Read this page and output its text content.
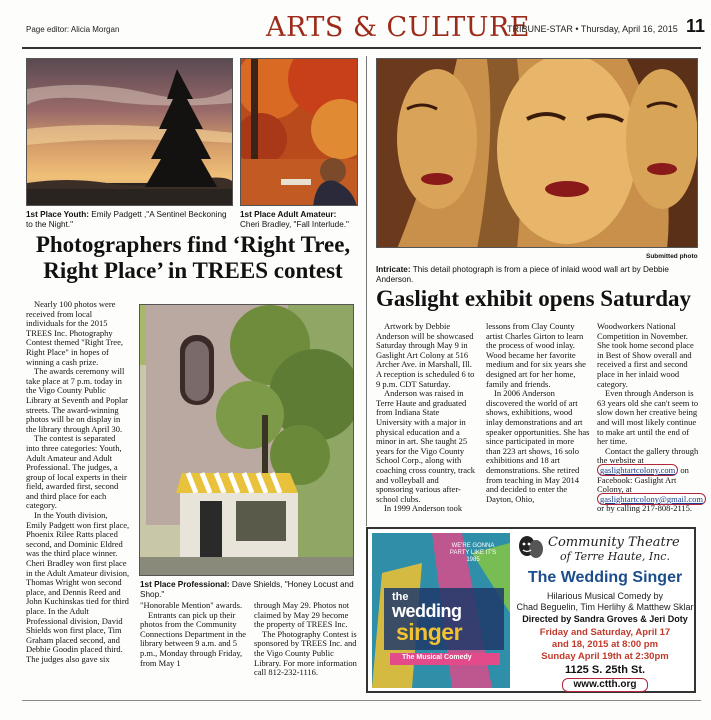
Page editor: Alicia Morgan	ARTS & CULTURE
TRIBUNE-STAR • Thursday, April 16, 2015 11
1st Place Youth: Emily Padgett ,"A Sentinel Beckoning to the Night."
1st Place Adult Amateur: Cheri Bradley, "Fall Interlude."
Photographers find ‘Right Tree, Right Place’ in TREES contest

Nearly 100 photos were received from local individuals for the 2015 TREES Inc. Photography Contest themed "Right Tree, Right Place" in hopes of winning a cash prize.

The awards ceremony will take place at 7 p.m. today in the Vigo County Public Library at Seventh and Poplar streets. The award-winning photos will be on display in the library through April 30.

The contest is separated into three categories: Youth, Adult Amateur and Adult Professional. The judges, a group of local experts in their field, awarded first, second and third place for each category.

In the Youth division, Emily Padgett won first place, Phoenix Rilee Ratts placed second, and Dominic Eldred was the third place winner. Cheri Bradley won first place in the Adult Amateur division, Thomas Wright won second place, and Dennis Reed and John Kuchinskas tied for third place. In the Adult Professional division, David Shields won first place, Tim Graham placed second, and Debbie Goodin placed third. The judges also gave six

1st Place Professional: Dave Shields, "Honey Locust and Shop."

"Honorable Mention" awards.

Entrants can pick up their photos from the Community Connections Department in the library between 9 a.m. and 5 p.m., Monday through Friday, from May 1

through May 29. Photos not claimed by May 29 become the property of TREES Inc.

The Photography Contest is sponsored by TREES Inc. and the Vigo County Public Library. For more information call 812-232-1116.

Submitted photo
Intricate: This detail photograph is from a piece of inlaid wood wall art by Debbie Anderson.
Gaslight exhibit opens Saturday

Artwork by Debbie Anderson will be showcased Saturday through May 9 in Gaslight Art Colony at 516 Archer Ave. in Marshall, Ill. A reception is scheduled 6 to 9 p.m. CDT Saturday.

Anderson was raised in Terre Haute and graduated from Indiana State University with a major in physical education and a minor in art. She taught 25 years for the Vigo County School Corp., along with coaching cross country, track and volleyball and sponsoring various after-school clubs.

In 1999 Anderson took

lessons from Clay County artist Charles Girton to learn the process of wood inlay. Wood became her favorite medium and for six years she designed art for her home, family and friends.

In 2006 Anderson discovered the world of art shows, exhibitions, wood inlay demonstrations and art speaker opportunities. She has since participated in more than 223 art shows, 16 solo exhibitions and 18 art demonstrations. She retired from teaching in May 2014 and decided to enter the Dayton, Ohio,

Woodworkers National Competition in November. She took home second place in Best of Show overall and received a first and second place in her inlaid wood category.

Even through Anderson is 63 years old she can't seem to slow down her creative being and will most likely continue to make art until the end of her time.

Contact the gallery through the website at gaslightartcolony.com on Facebook: Gaslight Art Colony, at gaslightartcolony@gmail.com or by calling 217-808-2115.

WE'RE GONNA PARTY LIKE IT'S 1985
the
wedding
singer
The Musical Comedy
Community Theatre
of Terre Haute, Inc.
The Wedding Singer
Hilarious Musical Comedy by
Chad Beguelin, Tim Herlihy & Matthew Sklar
Directed by Sandra Groves & Jeri Doty
Friday and Saturday, April 17
and 18, 2015 at 8:00 pm
Sunday April 19th at 2:30pm
1125 S. 25th St.
www.ctth.org
